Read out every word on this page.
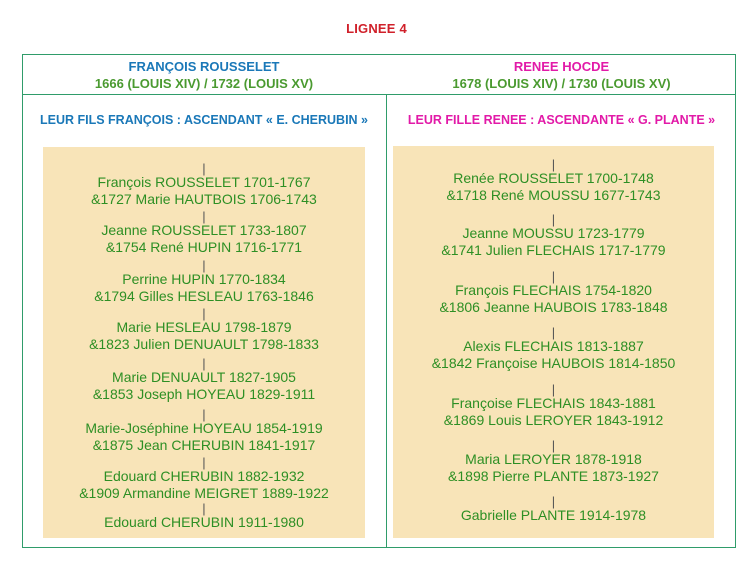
LIGNEE 4
FRANÇOIS ROUSSELET
1666 (LOUIS XIV) / 1732 (LOUIS XV)
RENEE HOCDE
1678 (LOUIS XIV) / 1730 (LOUIS XV)
LEUR FILS FRANÇOIS : ASCENDANT « E. CHERUBIN »	LEUR FILLE RENEE : ASCENDANTE « G. PLANTE »
|
François ROUSSELET 1701-1767
&1727 Marie HAUTBOIS 1706-1743
|
Jeanne ROUSSELET 1733-1807
&1754 René HUPIN 1716-1771
|
Perrine HUPIN 1770-1834
&1794 Gilles HESLEAU 1763-1846
|
Marie HESLEAU 1798-1879
&1823 Julien DENUAULT 1798-1833
|
Marie DENUAULT 1827-1905
&1853 Joseph HOYEAU 1829-1911
|
Marie-Joséphine HOYEAU 1854-1919
&1875 Jean CHERUBIN 1841-1917
|
Edouard CHERUBIN 1882-1932
&1909 Armandine MEIGRET 1889-1922
|
Edouard CHERUBIN 1911-1980
|
Renée ROUSSELET 1700-1748
&1718 René MOUSSU 1677-1743
|
Jeanne MOUSSU 1723-1779
&1741 Julien FLECHAIS 1717-1779
|
François FLECHAIS 1754-1820
&1806 Jeanne HAUBOIS 1783-1848
|
Alexis FLECHAIS 1813-1887
&1842 Françoise HAUBOIS 1814-1850
|
Françoise FLECHAIS 1843-1881
&1869 Louis LEROYER 1843-1912
|
Maria LEROYER 1878-1918
&1898 Pierre PLANTE 1873-1927
|
Gabrielle PLANTE 1914-1978
